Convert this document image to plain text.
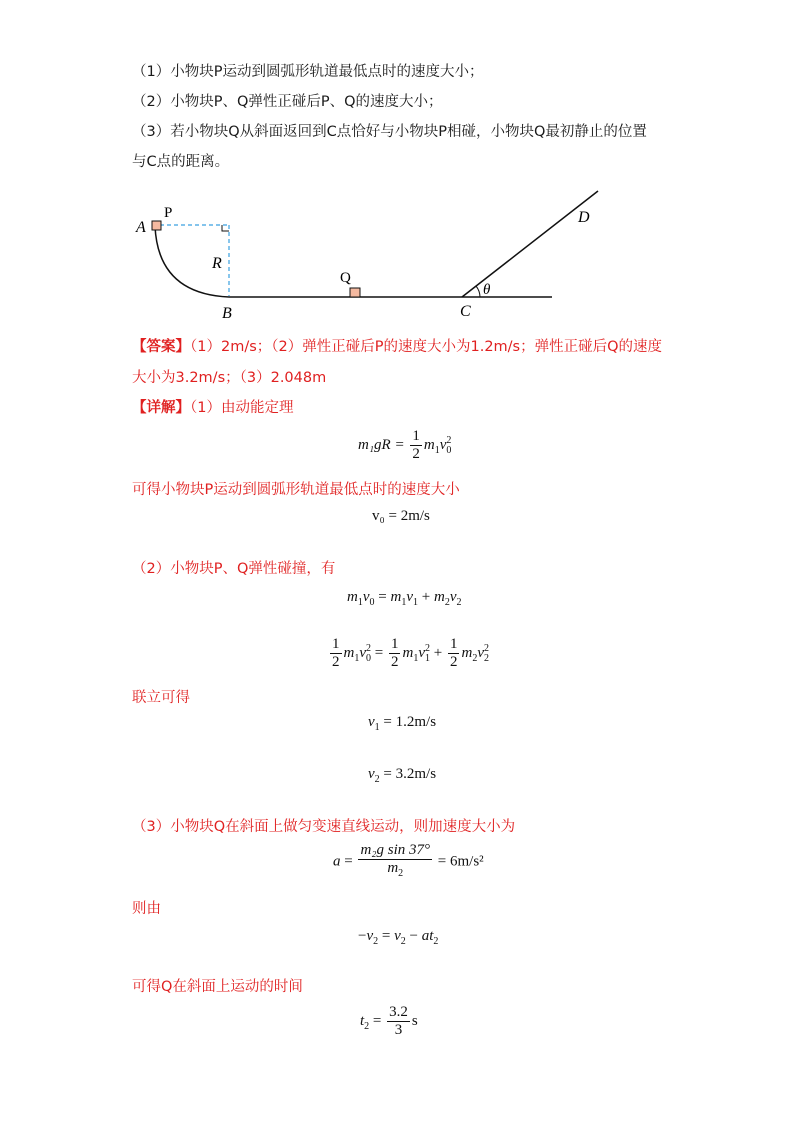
（1）小物块P运动到圆弧形轨道最低点时的速度大小；
（2）小物块P、Q弹性正碰后P、Q的速度大小；
（3）若小物块Q从斜面返回到C点恰好与小物块P相碰，小物块Q最初静止的位置
与C点的距离。
A
P
R
B
Q
C
D
θ
【答案】（1）2m/s；（2）弹性正碰后P的速度大小为1.2m/s；弹性正碰后Q的速度
大小为3.2m/s；（3）2.048m
【详解】（1）由动能定理
$m_1gR = \frac{1}{2} m_1v_0^2$
可得小物块P运动到圆弧形轨道最低点时的速度大小
v₀ = 2m/s
（2）小物块P、Q弹性碰撞，有
$m_1v_0 = m_1v_1 + m_2v_2$
$\frac{1}{2} m_1v_0^2 = \frac{1}{2} m_1v_1^2 + \frac{1}{2} m_2v_2^2$
联立可得
$v_1 = 1.2m/s$
$v_2 = 3.2m/s$
（3）小物块Q在斜面上做匀变速直线运动，则加速度大小为
$a = \frac{\text{m₂g sin 37°}}{m_2} = 6m/s^2$
则由
$-v_2 = v_2 - at_2$
可得Q在斜面上运动的时间
$t_2 = \frac{3.2}{3}$ s
